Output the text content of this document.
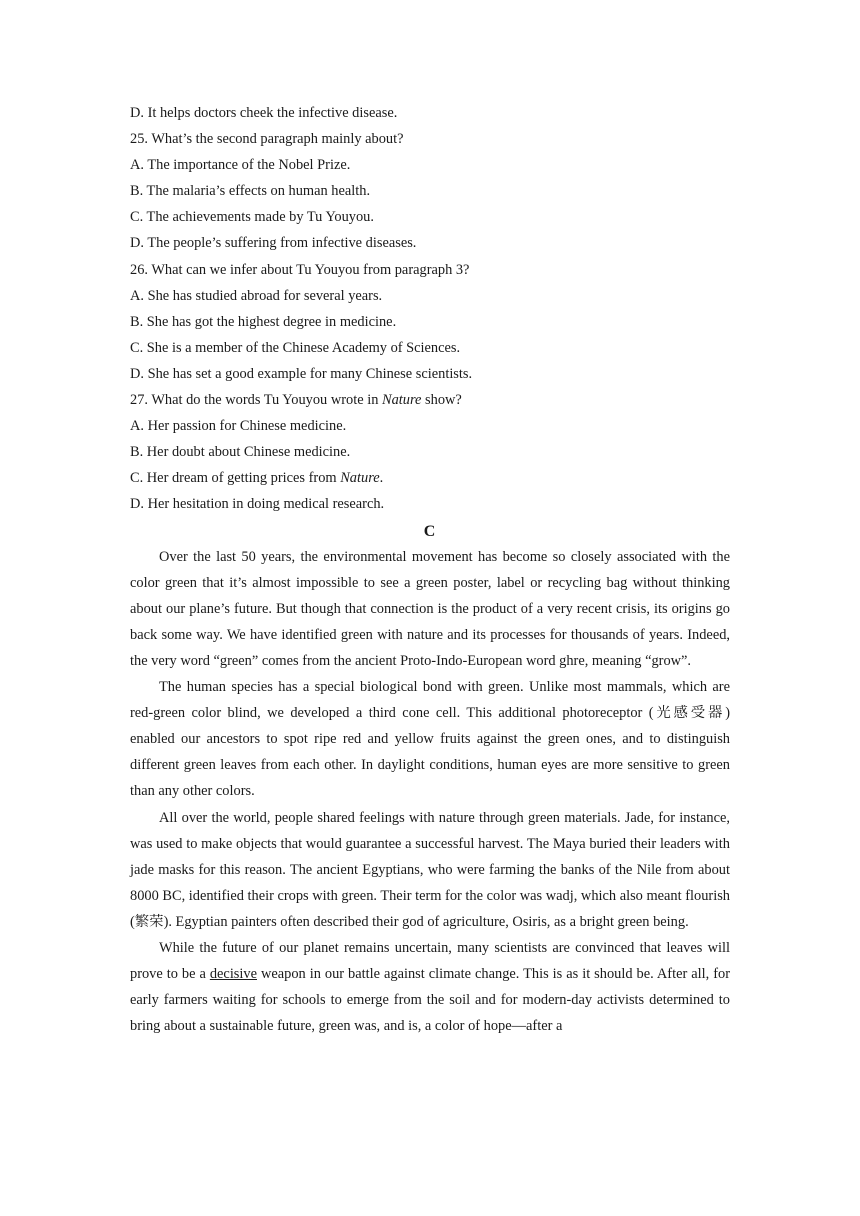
D. It helps doctors cheek the infective disease.
25. What’s the second paragraph mainly about?
A. The importance of the Nobel Prize.
B. The malaria’s effects on human health.
C. The achievements made by Tu Youyou.
D. The people’s suffering from infective diseases.
26. What can we infer about Tu Youyou from paragraph 3?
A. She has studied abroad for several years.
B. She has got the highest degree in medicine.
C. She is a member of the Chinese Academy of Sciences.
D. She has set a good example for many Chinese scientists.
27. What do the words Tu Youyou wrote in Nature show?
A. Her passion for Chinese medicine.
B. Her doubt about Chinese medicine.
C. Her dream of getting prices from Nature.
D. Her hesitation in doing medical research.
C

Over the last 50 years, the environmental movement has become so closely associated with the color green that it’s almost impossible to see a green poster, label or recycling bag without thinking about our plane’s future. But though that connection is the product of a very recent crisis, its origins go back some way. We have identified green with nature and its processes for thousands of years. Indeed, the very word “green” comes from the ancient Proto-Indo-European word ghre, meaning “grow”.

The human species has a special biological bond with green. Unlike most mammals, which are red-green color blind, we developed a third cone cell. This additional photoreceptor (光感受器) enabled our ancestors to spot ripe red and yellow fruits against the green ones, and to distinguish different green leaves from each other. In daylight conditions, human eyes are more sensitive to green than any other colors.

All over the world, people shared feelings with nature through green materials. Jade, for instance, was used to make objects that would guarantee a successful harvest. The Maya buried their leaders with jade masks for this reason. The ancient Egyptians, who were farming the banks of the Nile from about 8000 BC, identified their crops with green. Their term for the color was wadj, which also meant flourish (繁荣). Egyptian painters often described their god of agriculture, Osiris, as a bright green being.

While the future of our planet remains uncertain, many scientists are convinced that leaves will prove to be a decisive weapon in our battle against climate change. This is as it should be. After all, for early farmers waiting for schools to emerge from the soil and for modern-day activists determined to bring about a sustainable future, green was, and is, a color of hope—after a
